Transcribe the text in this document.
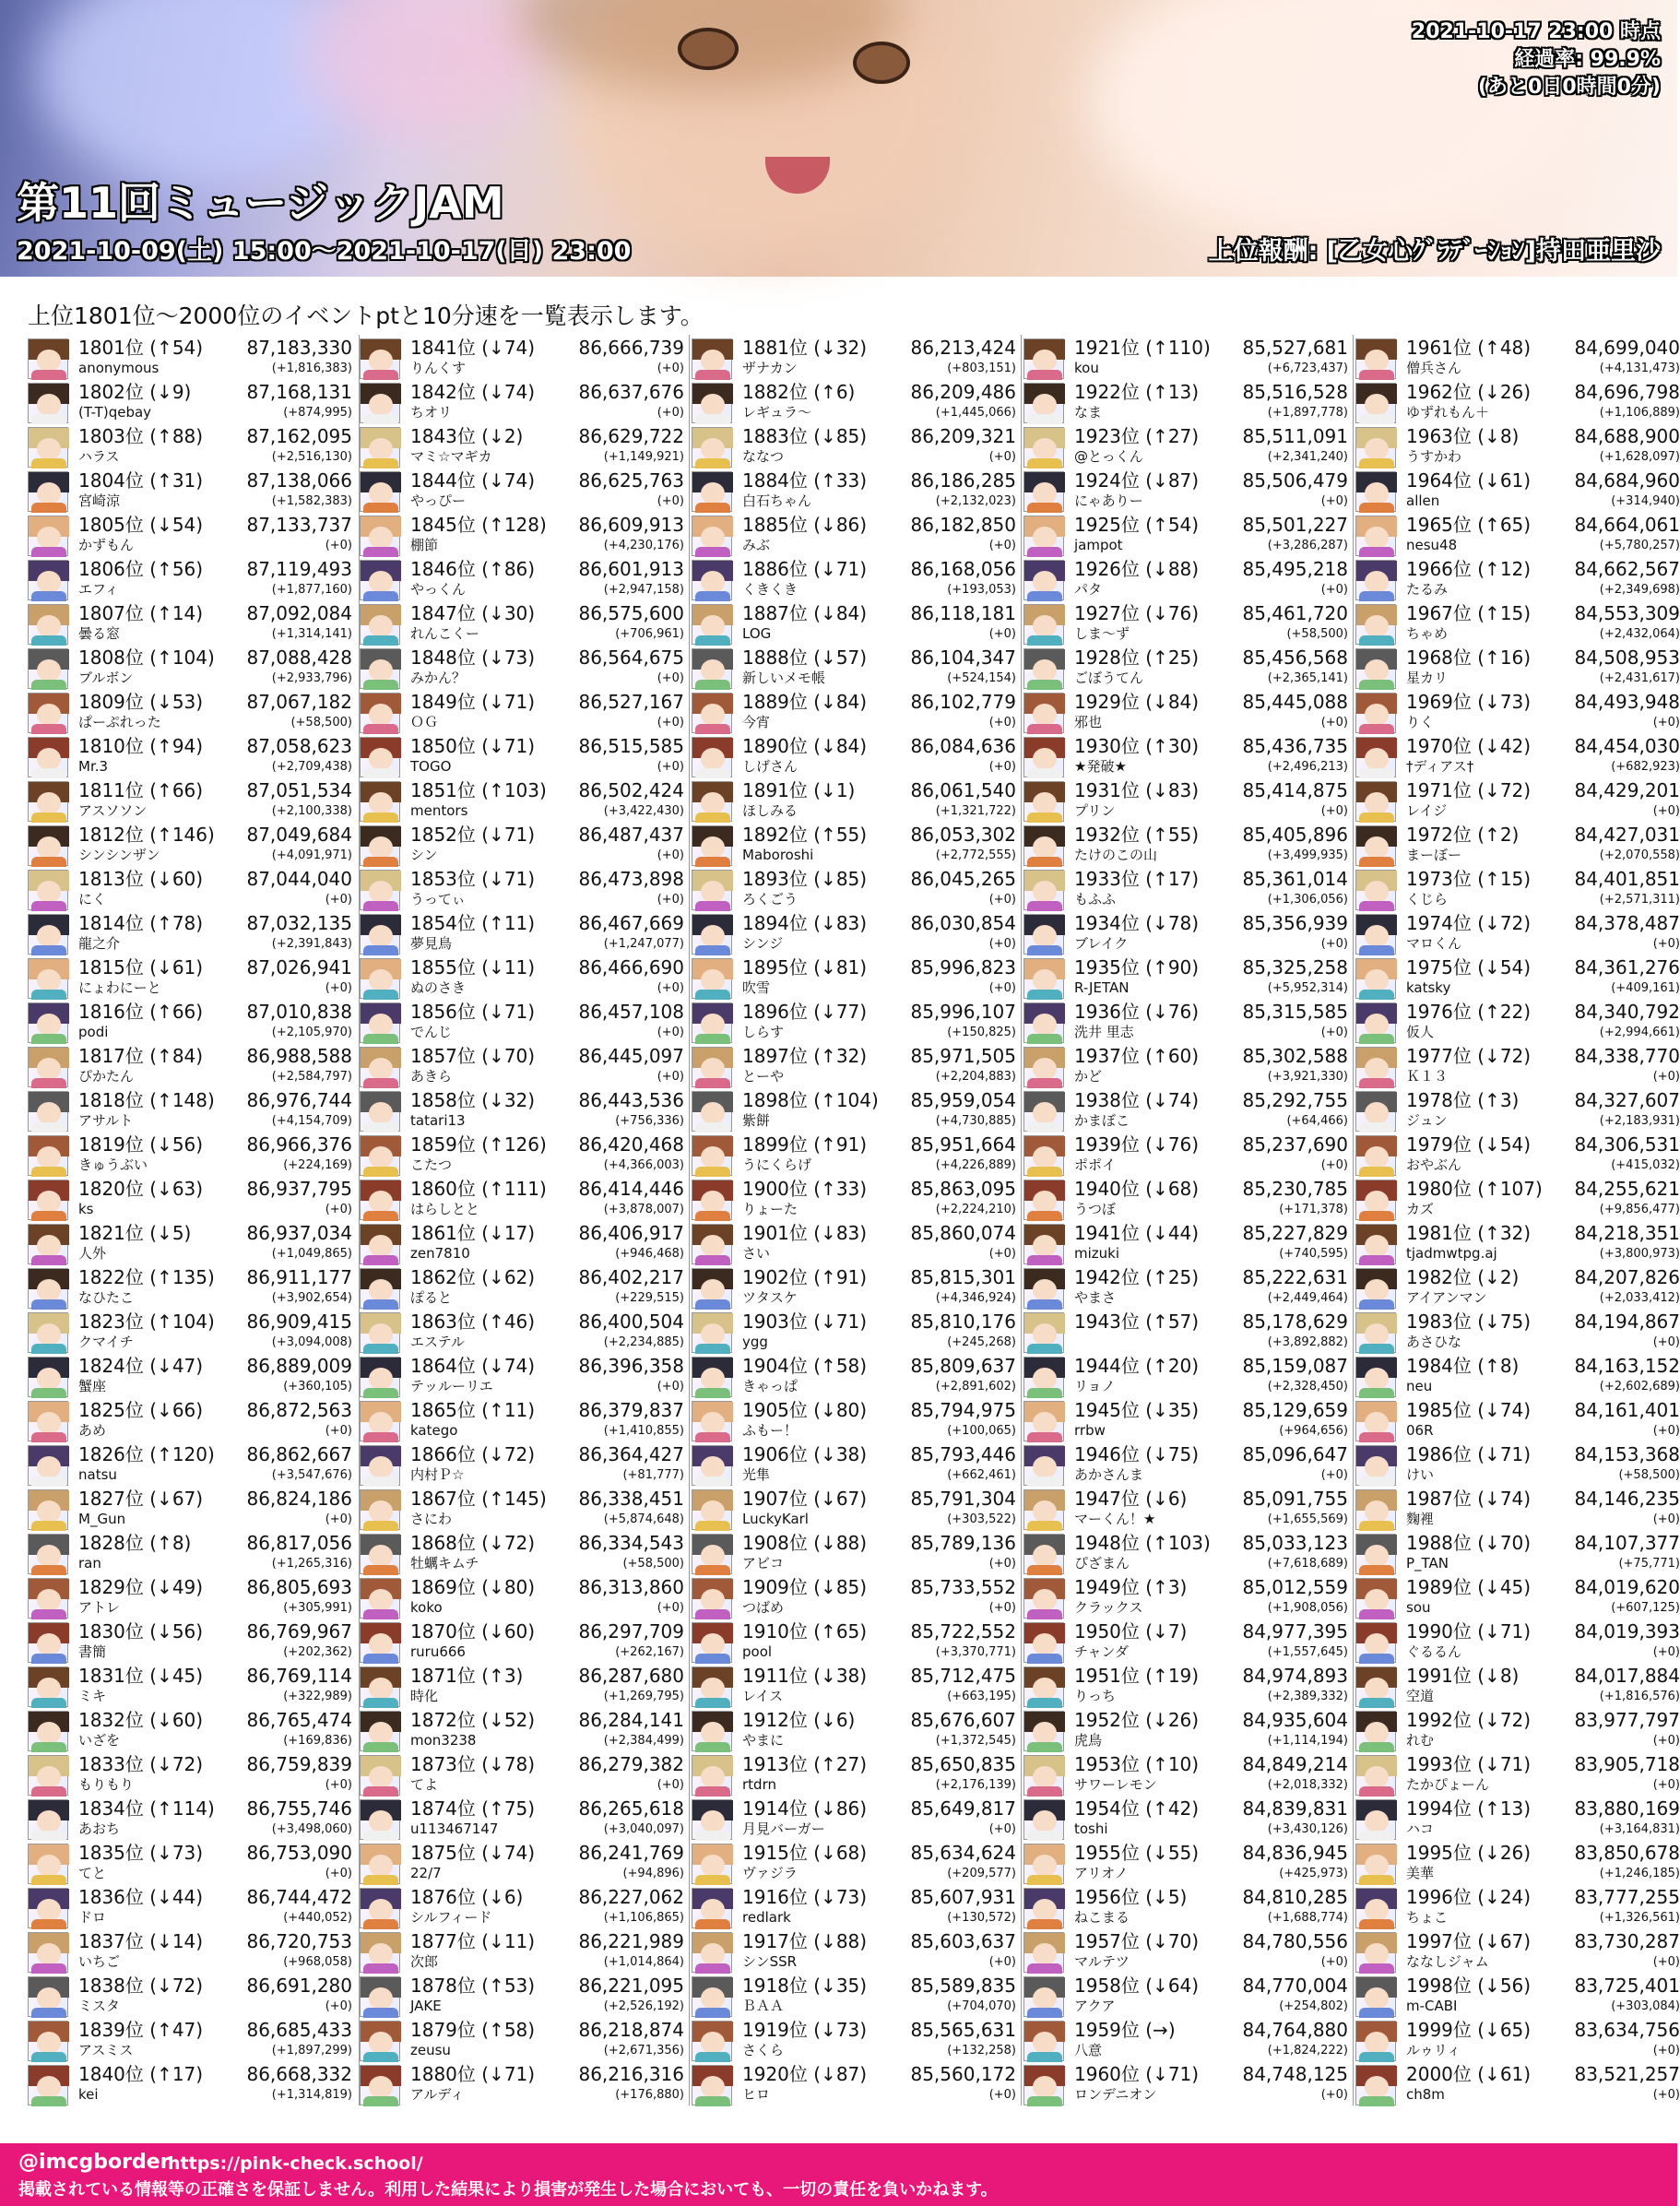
2021-10-17 23:00 時点
経過率: 99.9%
(あと0日0時間0分)
第11回ミュージックJAM
2021-10-09(土) 15:00～2021-10-17(日) 23:00	上位報酬: [乙女心ｸﾞﾗﾃﾞｰｼｮﾝ]持田亜里沙
上位1801位～2000位のイベントptと10分速を一覧表示します。
1801位 (↑54) 87,183,330
anonymous	(+1,816,383)
1802位 (↓9)	87,168,131
(T-T)qebay	(+874,995)
1803位 (↑88) 87,162,095
ハラス	(+2,516,130)
1804位 (↑31) 87,138,066
宮崎涼	(+1,582,383)
1805位 (↓54) 87,133,737
かずもん	(+0)
1806位 (↑56) 87,119,493
エフィ	(+1,877,160)
1807位 (↑14) 87,092,084
曇る窓	(+1,314,141)
1808位 (↑104) 87,088,428
ブルボン	(+2,933,796)
1809位 (↓53) 87,067,182
ぱーぷれった	(+58,500)
1810位 (↑94) 87,058,623
Mr.3	(+2,709,438)
1811位 (↑66) 87,051,534
アスソソン	(+2,100,338)
1812位 (↑146) 87,049,684
シンシンザン	(+4,091,971)
1813位 (↓60) 87,044,040
にく	(+0)
1814位 (↑78) 87,032,135
龍之介	(+2,391,843)
1815位 (↓61) 87,026,941
にょわにーと	(+0)
1816位 (↑66) 87,010,838
podi	(+2,105,970)
1817位 (↑84) 86,988,588
ぴかたん	(+2,584,797)
1818位 (↑148) 86,976,744
アサルト	(+4,154,709)
1819位 (↓56) 86,966,376
きゅうぶい	(+224,169)
1820位 (↓63) 86,937,795
ks	(+0)
1821位 (↓5)	86,937,034
人外	(+1,049,865)
1822位 (↑135) 86,911,177
なひたこ	(+3,902,654)
1823位 (↑104) 86,909,415
クマイチ	(+3,094,008)
1824位 (↓47) 86,889,009
蟹座	(+360,105)
1825位 (↓66) 86,872,563
あめ	(+0)
1826位 (↑120) 86,862,667
natsu	(+3,547,676)
1827位 (↓67) 86,824,186
M_Gun	(+0)
1828位 (↑8)	86,817,056
ran	(+1,265,316)
1829位 (↓49) 86,805,693
アトレ	(+305,991)
1830位 (↓56) 86,769,967
書簡	(+202,362)
1831位 (↓45) 86,769,114
ミキ	(+322,989)
1832位 (↓60) 86,765,474
いざを	(+169,836)
1833位 (↓72) 86,759,839
もりもり	(+0)
1834位 (↑114) 86,755,746
あおち	(+3,498,060)
1835位 (↓73) 86,753,090
てと	(+0)
1836位 (↓44) 86,744,472
ドロ	(+440,052)
1837位 (↓14) 86,720,753
いちご	(+968,058)
1838位 (↓72) 86,691,280
ミスタ	(+0)
1839位 (↑47) 86,685,433
アスミス	(+1,897,299)
1840位 (↑17) 86,668,332
kei	(+1,314,819)
1841位 (↓74) 86,666,739
りんくす	(+0)
1842位 (↓74) 86,637,676
ちオリ	(+0)
1843位 (↓2)	86,629,722
マミ☆マギカ	(+1,149,921)
1844位 (↓74) 86,625,763
やっぴー	(+0)
1845位 (↑128) 86,609,913
棚節	(+4,230,176)
1846位 (↑86) 86,601,913
やっくん	(+2,947,158)
1847位 (↓30) 86,575,600
れんこくー	(+706,961)
1848位 (↓73) 86,564,675
みかん？	(+0)
1849位 (↓71) 86,527,167
ＯＧ	(+0)
1850位 (↓71) 86,515,585
TOGO	(+0)
1851位 (↑103) 86,502,424
mentors	(+3,422,430)
1852位 (↓71) 86,487,437
シン	(+0)
1853位 (↓71) 86,473,898
うってぃ	(+0)
1854位 (↑11) 86,467,669
夢見鳥	(+1,247,077)
1855位 (↓11) 86,466,690
ぬのさき	(+0)
1856位 (↓71) 86,457,108
でんじ	(+0)
1857位 (↓70) 86,445,097
あきら	(+0)
1858位 (↓32) 86,443,536
tatari13	(+756,336)
1859位 (↑126) 86,420,468
こたつ	(+4,366,003)
1860位 (↑111) 86,414,446
はらしとと	(+3,878,007)
1861位 (↓17) 86,406,917
zen7810	(+946,468)
1862位 (↓62) 86,402,217
ぽると	(+229,515)
1863位 (↑46) 86,400,504
エステル	(+2,234,885)
1864位 (↓74) 86,396,358
テッルーリエ	(+0)
1865位 (↑11) 86,379,837
katego	(+1,410,855)
1866位 (↓72) 86,364,427
内村Ｐ☆	(+81,777)
1867位 (↑145) 86,338,451
さにわ	(+5,874,648)
1868位 (↓72) 86,334,543
牡蠣キムチ	(+58,500)
1869位 (↓80) 86,313,860
koko	(+0)
1870位 (↓60) 86,297,709
ruru666	(+262,167)
1871位 (↑3)	86,287,680
時化	(+1,269,795)
1872位 (↓52) 86,284,141
mon3238	(+2,384,499)
1873位 (↓78) 86,279,382
てよ	(+0)
1874位 (↑75) 86,265,618
u113467147	(+3,040,097)
1875位 (↓74) 86,241,769
22/7	(+94,896)
1876位 (↓6)	86,227,062
シルフィード	(+1,106,865)
1877位 (↓11) 86,221,989
次郎	(+1,014,864)
1878位 (↑53) 86,221,095
JAKE	(+2,526,192)
1879位 (↑58) 86,218,874
zeusu	(+2,671,356)
1880位 (↓71) 86,216,316
アルディ	(+176,880)
1881位 (↓32) 86,213,424
ザナカン	(+803,151)
1882位 (↑6)	86,209,486
レギュラ〜	(+1,445,066)
1883位 (↓85) 86,209,321
ななつ	(+0)
1884位 (↑33) 86,186,285
白石ちゃん	(+2,132,023)
1885位 (↓86) 86,182,850
みぶ	(+0)
1886位 (↓71) 86,168,056
くきくき	(+193,053)
1887位 (↓84) 86,118,181
LOG	(+0)
1888位 (↓57) 86,104,347
新しいメモ帳	(+524,154)
1889位 (↓84) 86,102,779
今宵	(+0)
1890位 (↓84) 86,084,636
しげさん	(+0)
1891位 (↓1)	86,061,540
ほしみる	(+1,321,722)
1892位 (↑55) 86,053,302
Maboroshi	(+2,772,555)
1893位 (↓85) 86,045,265
ろくごう	(+0)
1894位 (↓83) 86,030,854
シンジ	(+0)
1895位 (↓81) 85,996,823
吹雪	(+0)
1896位 (↓77) 85,996,107
しらす	(+150,825)
1897位 (↑32) 85,971,505
とーや	(+2,204,883)
1898位 (↑104) 85,959,054
紫餅	(+4,730,885)
1899位 (↑91) 85,951,664
うにくらげ	(+4,226,889)
1900位 (↑33) 85,863,095
りょーた	(+2,224,210)
1901位 (↓83) 85,860,074
さい	(+0)
1902位 (↑91) 85,815,301
ツタスケ	(+4,346,924)
1903位 (↓71) 85,810,176
ygg	(+245,268)
1904位 (↑58) 85,809,637
きゃっぱ	(+2,891,602)
1905位 (↓80) 85,794,975
ふもー！	(+100,065)
1906位 (↓38) 85,793,446
光隼	(+662,461)
1907位 (↓67) 85,791,304
LuckyKarl	(+303,522)
1908位 (↓88) 85,789,136
アビコ	(+0)
1909位 (↓85) 85,733,552
つばめ	(+0)
1910位 (↑65) 85,722,552
pool	(+3,370,771)
1911位 (↓38) 85,712,475
レイス	(+663,195)
1912位 (↓6)	85,676,607
やまに	(+1,372,545)
1913位 (↑27) 85,650,835
rtdrn	(+2,176,139)
1914位 (↓86) 85,649,817
月見バーガー	(+0)
1915位 (↓68) 85,634,624
ヴァジラ	(+209,577)
1916位 (↓73) 85,607,931
redlark	(+130,572)
1917位 (↓88) 85,603,637
シンSSR	(+0)
1918位 (↓35) 85,589,835
ＢＡＡ	(+704,070)
1919位 (↓73) 85,565,631
さくら	(+132,258)
1920位 (↓87) 85,560,172
ヒロ	(+0)
1921位 (↑110) 85,527,681
kou	(+6,723,437)
1922位 (↑13) 85,516,528
なま	(+1,897,778)
1923位 (↑27) 85,511,091
@とっくん	(+2,341,240)
1924位 (↓87) 85,506,479
にゃありー	(+0)
1925位 (↑54) 85,501,227
jampot	(+3,286,287)
1926位 (↓88) 85,495,218
パタ	(+0)
1927位 (↓76) 85,461,720
しま〜ず	(+58,500)
1928位 (↑25) 85,456,568
ごぼうてん	(+2,365,141)
1929位 (↓84) 85,445,088
邪也	(+0)
1930位 (↑30) 85,436,735
★発破★	(+2,496,213)
1931位 (↓83) 85,414,875
プリン	(+0)
1932位 (↑55) 85,405,896
たけのこの山	(+3,499,935)
1933位 (↑17) 85,361,014
もふふ	(+1,306,056)
1934位 (↓78) 85,356,939
ブレイク	(+0)
1935位 (↑90) 85,325,258
R-JETAN	(+5,952,314)
1936位 (↓76) 85,315,585
洗井 里志	(+0)
1937位 (↑60) 85,302,588
かど	(+3,921,330)
1938位 (↓74) 85,292,755
かまぼこ	(+64,466)
1939位 (↓76) 85,237,690
ポポイ	(+0)
1940位 (↓68) 85,230,785
うつぼ	(+171,378)
1941位 (↓44) 85,227,829
mizuki	(+740,595)
1942位 (↑25) 85,222,631
やまさ	(+2,449,464)
1943位 (↑57) 85,178,629
(+3,892,882)
1944位 (↑20) 85,159,087
リョノ	(+2,328,450)
1945位 (↓35) 85,129,659
rrbw	(+964,656)
1946位 (↓75) 85,096,647
あかさんま	(+0)
1947位 (↓6)	85,091,755
マーくん！★	(+1,655,569)
1948位 (↑103) 85,033,123
ぴざまん	(+7,618,689)
1949位 (↑3)	85,012,559
クラックス	(+1,908,056)
1950位 (↓7)	84,977,395
チャンダ	(+1,557,645)
1951位 (↑19) 84,974,893
りっち	(+2,389,332)
1952位 (↓26) 84,935,604
虎鳥	(+1,114,194)
1953位 (↑10) 84,849,214
サワーレモン	(+2,018,332)
1954位 (↑42) 84,839,831
toshi	(+3,430,126)
1955位 (↓55) 84,836,945
アリオノ	(+425,973)
1956位 (↓5)	84,810,285
ねこまる	(+1,688,774)
1957位 (↓70) 84,780,556
マルテツ	(+0)
1958位 (↓64) 84,770,004
アクア	(+254,802)
1959位 (→)	84,764,880
八意	(+1,824,222)
1960位 (↓71) 84,748,125
ロンデニオン	(+0)
1961位 (↑48) 84,699,040
僧兵さん	(+4,131,473)
1962位 (↓26) 84,696,798
ゆずれもん＋	(+1,106,889)
1963位 (↓8)	84,688,900
うすかわ	(+1,628,097)
1964位 (↓61) 84,684,960
allen	(+314,940)
1965位 (↑65) 84,664,061
nesu48	(+5,780,257)
1966位 (↑12) 84,662,567
たるみ	(+2,349,698)
1967位 (↑15) 84,553,309
ちゃめ	(+2,432,064)
1968位 (↑16) 84,508,953
星カリ	(+2,431,617)
1969位 (↓73) 84,493,948
りく	(+0)
1970位 (↓42) 84,454,030
†ディアス†	(+682,923)
1971位 (↓72) 84,429,201
レイジ	(+0)
1972位 (↑2)	84,427,031
まーぼー	(+2,070,558)
1973位 (↑15) 84,401,851
くじら	(+2,571,311)
1974位 (↓72) 84,378,487
マロくん	(+0)
1975位 (↓54) 84,361,276
katsky	(+409,161)
1976位 (↑22) 84,340,792
仮人	(+2,994,661)
1977位 (↓72) 84,338,770
Ｋ１３	(+0)
1978位 (↑3)	84,327,607
ジュン	(+2,183,931)
1979位 (↓54) 84,306,531
おやぶん	(+415,032)
1980位 (↑107) 84,255,621
カズ	(+9,856,477)
1981位 (↑32) 84,218,351
tjadmwtpg.aj	(+3,800,973)
1982位 (↓2)	84,207,826
アイアンマン	(+2,033,412)
1983位 (↓75) 84,194,867
あさひな	(+0)
1984位 (↑8)	84,163,152
neu	(+2,602,689)
1985位 (↓74) 84,161,401
06R	(+0)
1986位 (↓71) 84,153,368
けい	(+58,500)
1987位 (↓74) 84,146,235
麴裡	(+0)
1988位 (↓70) 84,107,377
P_TAN	(+75,771)
1989位 (↓45) 84,019,620
sou	(+607,125)
1990位 (↓71) 84,019,393
ぐるるん	(+0)
1991位 (↓8)	84,017,884
空道	(+1,816,576)
1992位 (↓72) 83,977,797
れむ	(+0)
1993位 (↓71) 83,905,718
たかぴょーん	(+0)
1994位 (↑13) 83,880,169
ハコ	(+3,164,831)
1995位 (↓26) 83,850,678
美華	(+1,246,185)
1996位 (↓24) 83,777,255
ちょこ	(+1,326,561)
1997位 (↓67) 83,730,287
ななしジャム	(+0)
1998位 (↓56) 83,725,401
m-CABI	(+303,084)
1999位 (↓65) 83,634,756
ルゥリィ	(+0)
2000位 (↓61) 83,521,257
ch8m	(+0)
@imcgborder
https://pink-check.school/
掲載されている情報等の正確さを保証しません。利用した結果により損害が発生した場合においても、一切の責任を負いかねます。
